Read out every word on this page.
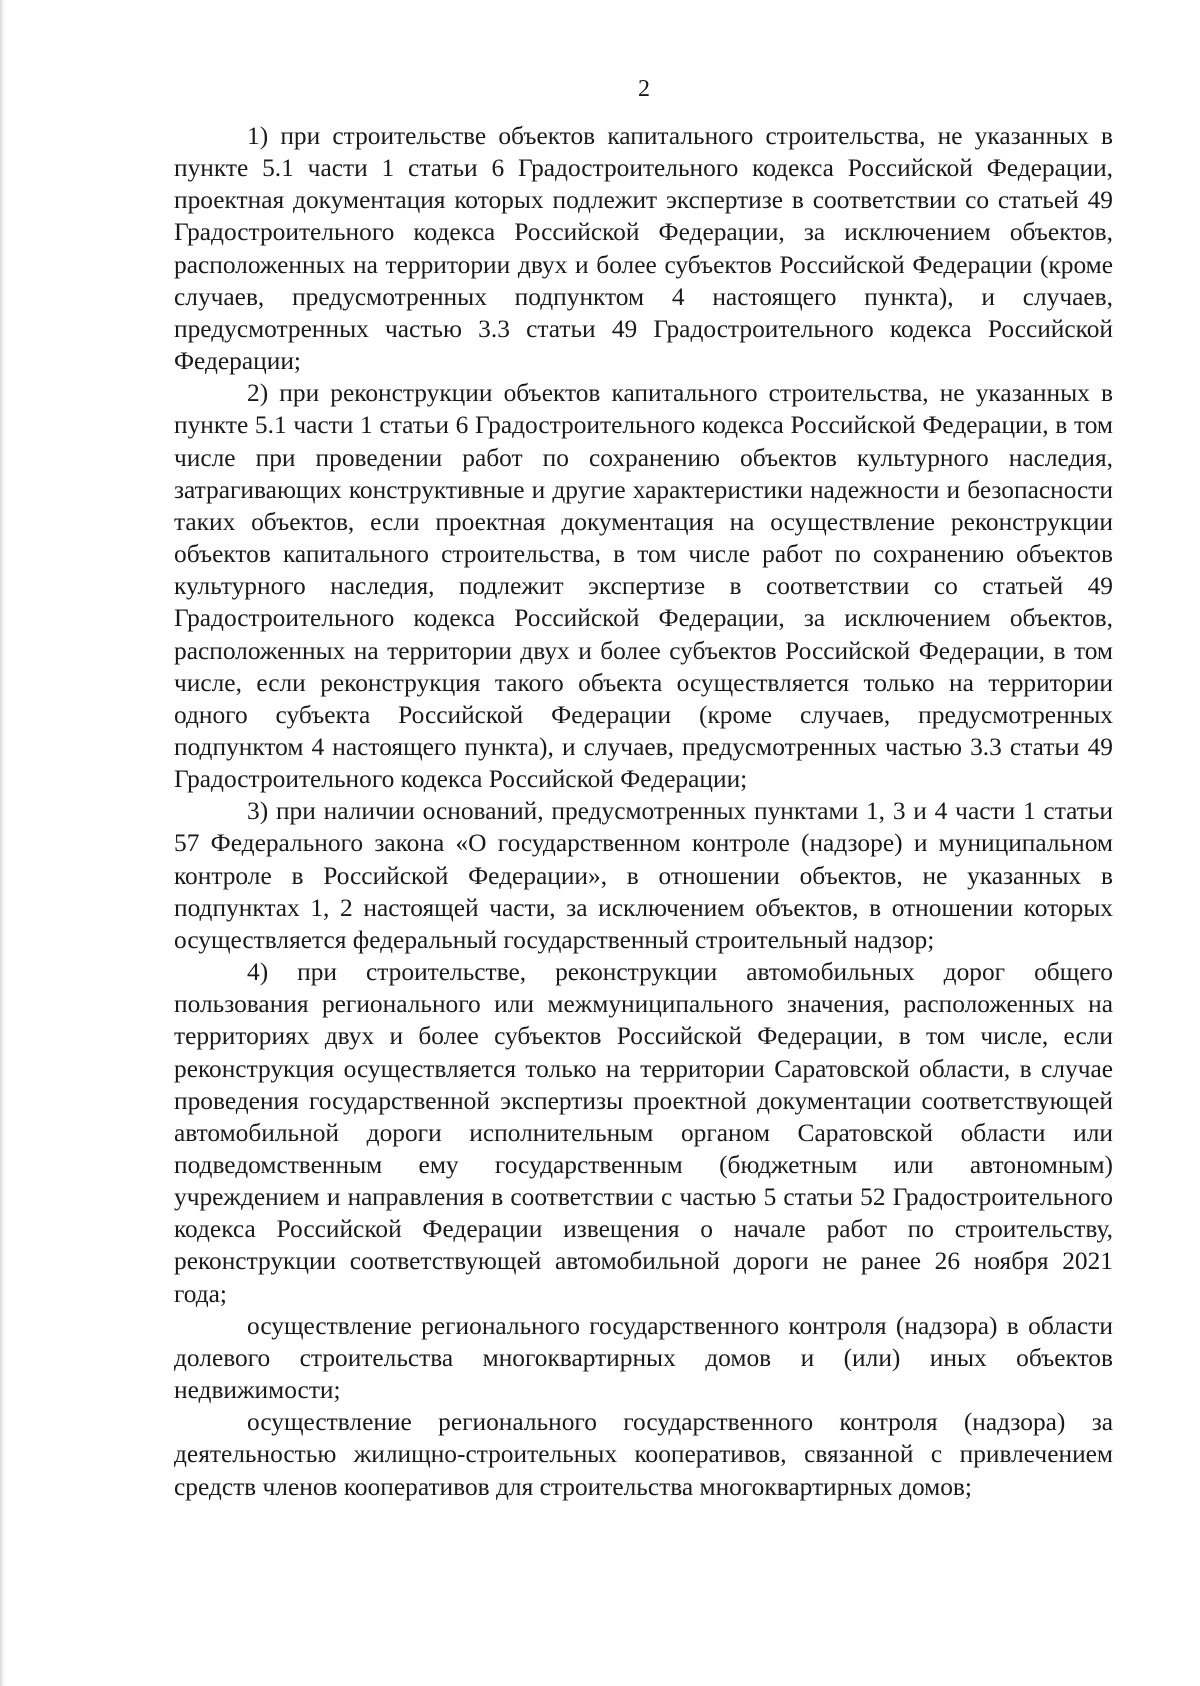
2

1) при строительстве объектов капитального строительства, не указанных в пункте 5.1 части 1 статьи 6 Градостроительного кодекса Российской Федерации, проектная документация которых подлежит экспертизе в соответствии со статьей 49 Градостроительного кодекса Российской Федерации, за исключением объектов, расположенных на территории двух и более субъектов Российской Федерации (кроме случаев, предусмотренных подпунктом 4 настоящего пункта), и случаев, предусмотренных частью 3.3 статьи 49 Градостроительного кодекса Российской Федерации;

2) при реконструкции объектов капитального строительства, не указанных в пункте 5.1 части 1 статьи 6 Градостроительного кодекса Российской Федерации, в том числе при проведении работ по сохранению объектов культурного наследия, затрагивающих конструктивные и другие характеристики надежности и безопасности таких объектов, если проектная документация на осуществление реконструкции объектов капитального строительства, в том числе работ по сохранению объектов культурного наследия, подлежит экспертизе в соответствии со статьей 49 Градостроительного кодекса Российской Федерации, за исключением объектов, расположенных на территории двух и более субъектов Российской Федерации, в том числе, если реконструкция такого объекта осуществляется только на территории одного субъекта Российской Федерации (кроме случаев, предусмотренных подпунктом 4 настоящего пункта), и случаев, предусмотренных частью 3.3 статьи 49 Градостроительного кодекса Российской Федерации;

3) при наличии оснований, предусмотренных пунктами 1, 3 и 4 части 1 статьи 57 Федерального закона «О государственном контроле (надзоре) и муниципальном контроле в Российской Федерации», в отношении объектов, не указанных в подпунктах 1, 2 настоящей части, за исключением объектов, в отношении которых осуществляется федеральный государственный строительный надзор;

4) при строительстве, реконструкции автомобильных дорог общего пользования регионального или межмуниципального значения, расположенных на территориях двух и более субъектов Российской Федерации, в том числе, если реконструкция осуществляется только на территории Саратовской области, в случае проведения государственной экспертизы проектной документации соответствующей автомобильной дороги исполнительным органом Саратовской области или подведомственным ему государственным (бюджетным или автономным) учреждением и направления в соответствии с частью 5 статьи 52 Градостроительного кодекса Российской Федерации извещения о начале работ по строительству, реконструкции соответствующей автомобильной дороги не ранее 26 ноября 2021 года;

осуществление регионального государственного контроля (надзора) в области долевого строительства многоквартирных домов и (или) иных объектов недвижимости;

осуществление регионального государственного контроля (надзора) за деятельностью жилищно-строительных кооперативов, связанной с привлечением средств членов кооперативов для строительства многоквартирных домов;
